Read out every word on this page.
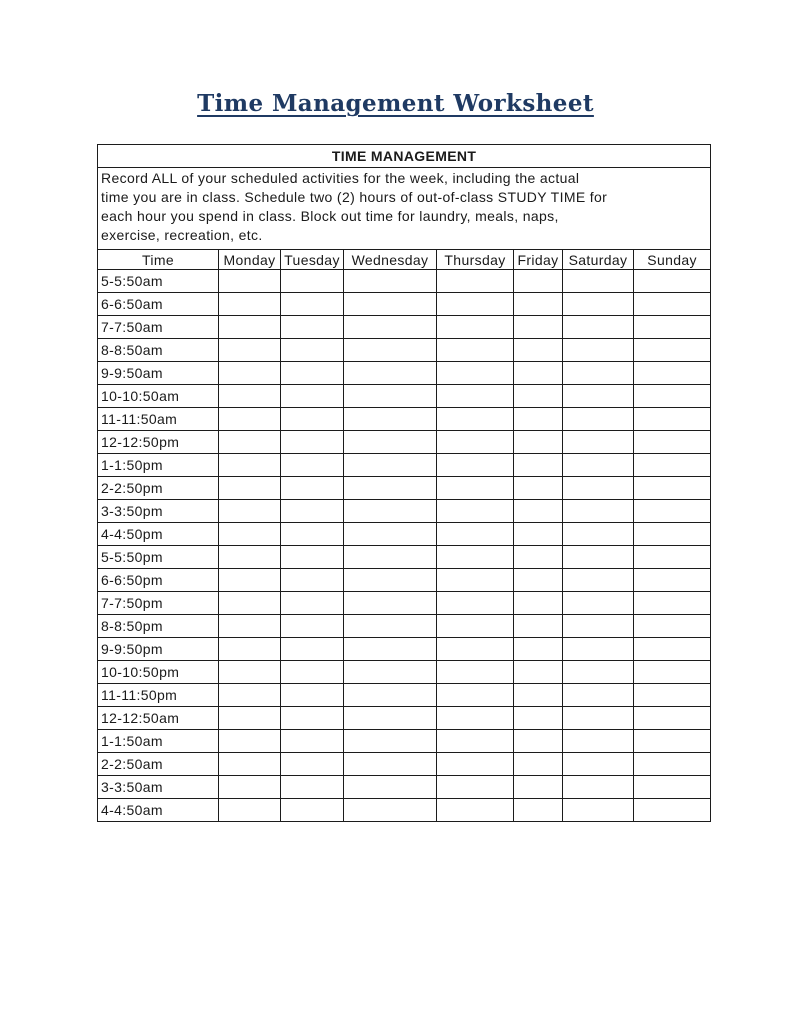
Time Management Worksheet
TIME MANAGEMENT							

Record ALL of your scheduled activities for the week, including the actual
time you are in class. Schedule two (2) hours of out-of-class STUDY TIME for
each hour you spend in class. Block out time for laundry, meals, naps,
exercise, recreation, etc.							

Time	Monday	Tuesday	Wednesday	Thursday	Friday	Saturday	Sunday
5-5:50am							
6-6:50am							
7-7:50am							
8-8:50am							
9-9:50am							
10-10:50am							
11-11:50am							
12-12:50pm							
1-1:50pm							
2-2:50pm							
3-3:50pm							
4-4:50pm							
5-5:50pm							
6-6:50pm							
7-7:50pm							
8-8:50pm							
9-9:50pm							
10-10:50pm							
11-11:50pm							
12-12:50am							
1-1:50am							
2-2:50am							
3-3:50am							
4-4:50am							
